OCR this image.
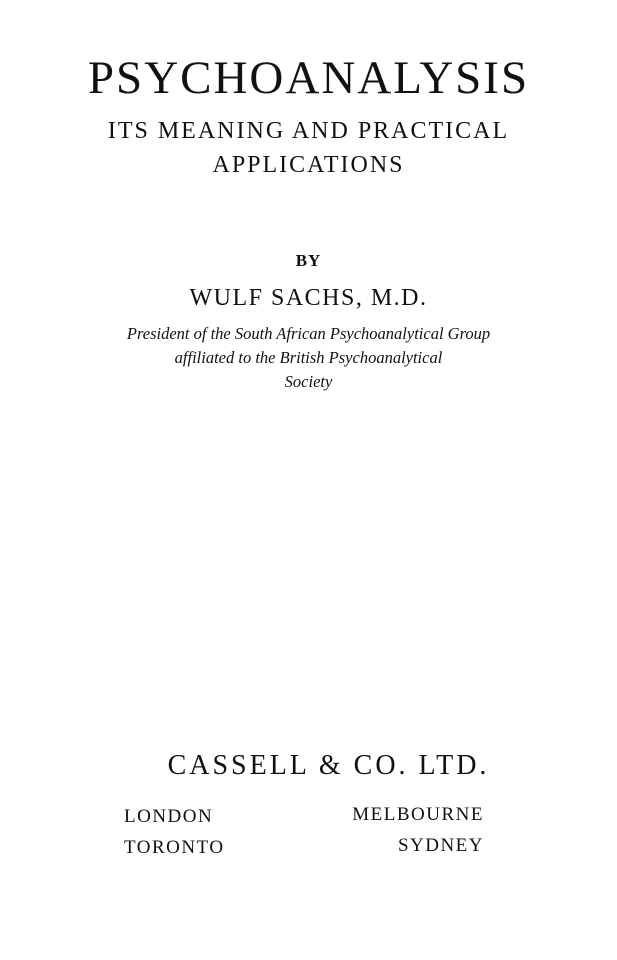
PSYCHOANALYSIS
ITS MEANING AND PRACTICAL
APPLICATIONS
BY
WULF SACHS, M.D.
President of the South African Psychoanalytical Group
affiliated to the British Psychoanalytical
Society
CASSELL & CO. LTD.
LONDON
TORONTO
MELBOURNE
SYDNEY
